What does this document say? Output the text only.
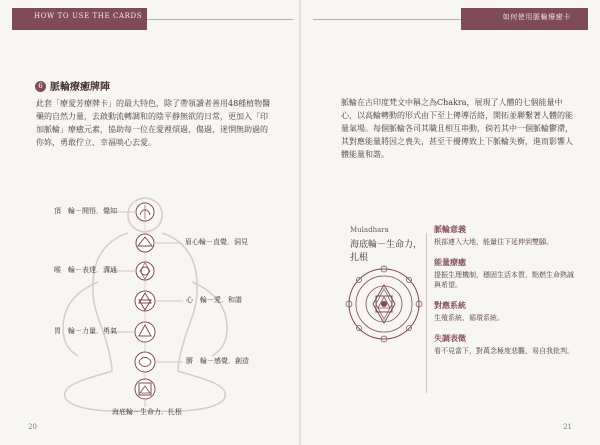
HOW TO USE THE CARDS
6 脈輪療癒牌陣
此套「療愛芳療牌卡」的最大特色，除了帶領讀者善用48種植物醫藥的自然力量，去啟動流轉調和的陰平靜無欲的日常，更加入「印加脈輪」療癒元素，協助每一位在愛裡煩過、傷過、迷惘無助過的你妳，勇敢佇立、幸福啖心去愛。
頂　輪－開悟．覺知
眉心輪－直覺．洞見
喉　輪－表達．溝通
心　輪－愛．和諧
胃　輪－力量．勇氣
臍　輪－感覺．創造
海底輪－生命力．扎根
20
如何使用脈輪療癒卡
脈輪在古印度梵文中稱之為Chakra，展現了人體的七個能量中心，以高輪轉動的形式由下至上傳導活絡，開拓並聯繫著人體的能量氣場。每個脈輪各司其職且相互串動，倘若其中一個脈輪鬱滯，其對應能量將因之喪失，甚至干擾傳致上下脈輪失衡，進而影響人體能量和諧。
Muladhara
海底輪－生命力，扎根
脈輪意義
根部連入大地，能量往下延伸到雙腳。
能量療癒
提振生理機制，穩固生活本質，點燃生命熱誠與希望。
對應系統
生殖系統、循環系統。
失調表徵
看不見當下，對萬念極度悲觀，易自我批判。
21
